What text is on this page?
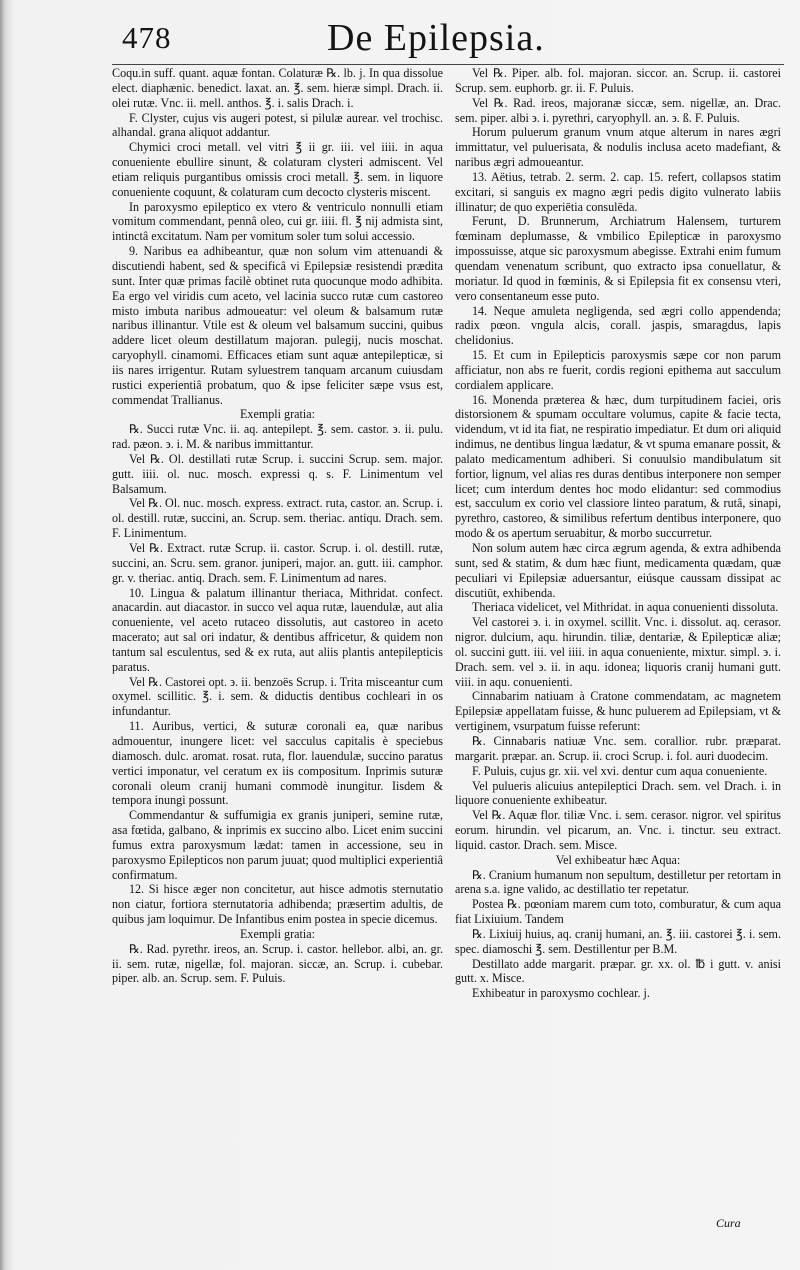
478	De Epilepsia.

Coqu.in suff. quant. aquæ fontan. Colaturæ ℞. lb. j. In qua dissolue elect. diaphænic. benedict. laxat. an. ℥. sem. hieræ simpl. Drach. ii. olei rutæ. Vnc. ii. mell. anthos. ℥. i. salis Drach. i.

F. Clyster, cujus vis augeri potest, si pilulæ aurear. vel trochisc. alhandal. grana aliquot addantur.

Chymici croci metall. vel vitri ℥ ii gr. iii. vel iiii. in aqua conueniente ebullire sinunt, & colaturam clysteri admiscent. Vel etiam reliquis purgantibus omissis croci metall. ℥. sem. in liquore conueniente coquunt, & colaturam cum decocto clysteris miscent.

In paroxysmo epileptico ex vtero & ventriculo nonnulli etiam vomitum commendant, pennâ oleo, cui gr. iiii. fl. ℥ nij admista sint, intinctâ excitatum. Nam per vomitum soler tum solui accessio.

9. Naribus ea adhibeantur, quæ non solum vim attenuandi & discutiendi habent, sed & specificâ vi Epilepsiæ resistendi prædita sunt. Inter quæ primas facilè obtinet ruta quocunque modo adhibita. Ea ergo vel viridis cum aceto, vel lacinia succo rutæ cum castoreo misto imbuta naribus admoueatur: vel oleum & balsamum rutæ naribus illinantur. Vtile est & oleum vel balsamum succini, quibus addere licet oleum destillatum majoran. pulegij, nucis moschat. caryophyll. cinamomi. Efficaces etiam sunt aquæ antepilepticæ, si iis nares irrigentur. Rutam syluestrem tanquam arcanum cuiusdam rustici experientiâ probatum, quo & ipse feliciter sæpe vsus est, commendat Trallianus.

Exempli gratia:

℞. Succi rutæ Vnc. ii. aq. antepilept. ℥. sem. castor. ϶. ii. pulu. rad. pæon. ϶. i. M. & naribus immittantur.

Vel ℞. Ol. destillati rutæ Scrup. i. succini Scrup. sem. major. gutt. iiii. ol. nuc. mosch. expressi q. s. F. Linimentum vel Balsamum.

Vel ℞. Ol. nuc. mosch. express. extract. ruta, castor. an. Scrup. i. ol. destill. rutæ, succini, an. Scrup. sem. theriac. antiqu. Drach. sem. F. Linimentum.

Vel ℞. Extract. rutæ Scrup. ii. castor. Scrup. i. ol. destill. rutæ, succini, an. Scru. sem. granor. juniperi, major. an. gutt. iii. camphor. gr. v. theriac. antiq. Drach. sem. F. Linimentum ad nares.

10. Lingua & palatum illinantur theriaca, Mithridat. confect. anacardin. aut diacastor. in succo vel aqua rutæ, lauendulæ, aut alia conueniente, vel aceto rutaceo dissolutis, aut castoreo in aceto macerato; aut sal ori indatur, & dentibus affricetur, & quidem non tantum sal esculentus, sed & ex ruta, aut aliis plantis antepilepticis paratus.

Vel ℞. Castorei opt. ϶. ii. benzoës Scrup. i. Trita misceantur cum oxymel. scillitic. ℥. i. sem. & diductis dentibus cochleari in os infundantur.

11. Auribus, vertici, & suturæ coronali ea, quæ naribus admouentur, inungere licet: vel sacculus capitalis è speciebus diamosch. dulc. aromat. rosat. ruta, flor. lauendulæ, succino paratus vertici imponatur, vel ceratum ex iis compositum. Inprimis suturæ coronali oleum cranij humani commodè inungitur. Iisdem & tempora inungi possunt.

Commendantur & suffumigia ex granis juniperi, semine rutæ, asa fœtida, galbano, & inprimis ex succino albo. Licet enim succini fumus extra paroxysmum lædat: tamen in accessione, seu in paroxysmo Epilepticos non parum juuat; quod multiplici experientiâ confirmatum.

12. Si hisce æger non concitetur, aut hisce admotis sternutatio non ciatur, fortiora sternutatoria adhibenda; præsertim adultis, de quibus jam loquimur. De Infantibus enim postea in specie dicemus.

Exempli gratia:

℞. Rad. pyrethr. ireos, an. Scrup. i. castor. hellebor. albi, an. gr. ii. sem. rutæ, nigellæ, fol. majoran. siccæ, an. Scrup. i. cubebar. piper. alb. an. Scrup. sem. F. Puluis.

Vel ℞. Piper. alb. fol. majoran. siccor. an. Scrup. ii. castorei Scrup. sem. euphorb. gr. ii. F. Puluis.

Vel ℞. Rad. ireos, majoranæ siccæ, sem. nigellæ, an. Drac. sem. piper. albi ϶. i. pyrethri, caryophyll. an. ϶. ß. F. Puluis.

Horum puluerum granum vnum atque alterum in nares ægri immittatur, vel puluerisata, & nodulis inclusa aceto madefiant, & naribus ægri admoueantur.

13. Aëtius, tetrab. 2. serm. 2. cap. 15. refert, collapsos statim excitari, si sanguis ex magno ægri pedis digito vulnerato labiis illinatur; de quo experiētia consulēda.

Ferunt, D. Brunnerum, Archiatrum Halensem, turturem fœminam deplumasse, & vmbilico Epilepticæ in paroxysmo impossuisse, atque sic paroxysmum abegisse. Extrahi enim fumum quendam venenatum scribunt, quo extracto ipsa conuellatur, & moriatur. Id quod in fœminis, & si Epilepsia fit ex consensu vteri, vero consentaneum esse puto.

14. Neque amuleta negligenda, sed ægri collo appendenda; radix pœon. vngula alcis, corall. jaspis, smaragdus, lapis chelidonius.

15. Et cum in Epilepticis paroxysmis sæpe cor non parum afficiatur, non abs re fuerit, cordis regioni epithema aut sacculum cordialem applicare.

16. Monenda præterea & hæc, dum turpitudinem faciei, oris distorsionem & spumam occultare volumus, capite & facie tecta, videndum, vt id ita fiat, ne respiratio impediatur. Et dum ori aliquid indimus, ne dentibus lingua lædatur, & vt spuma emanare possit, & palato medicamentum adhiberi. Si conuulsio mandibulatum sit fortior, lignum, vel alias res duras dentibus interponere non semper licet; cum interdum dentes hoc modo elidantur: sed commodius est, sacculum ex corio vel classiore linteo paratum, & rutâ, sinapi, pyrethro, castoreo, & similibus refertum dentibus interponere, quo modo & os apertum seruabitur, & morbo succurretur.

Non solum autem hæc circa ægrum agenda, & extra adhibenda sunt, sed & statim, & dum hæc fiunt, medicamenta quædam, quæ peculiari vi Epilepsiæ aduersantur, eiúsque caussam dissipat ac discutiūt, exhibenda.

Theriaca videlicet, vel Mithridat. in aqua conuenienti dissoluta.

Vel castorei ϶. i. in oxymel. scillit. Vnc. i. dissolut. aq. cerasor. nigror. dulcium, aqu. hirundin. tiliæ, dentariæ, & Epilepticæ aliæ; ol. succini gutt. iii. vel iiii. in aqua conueniente, mixtur. simpl. ϶. i. Drach. sem. vel ϶. ii. in aqu. idonea; liquoris cranij humani gutt. viii. in aqu. conuenienti.

Cinnabarim natiuam à Cratone commendatam, ac magnetem Epilepsiæ appellatam fuisse, & hunc puluerem ad Epilepsiam, vt & vertiginem, vsurpatum fuisse referunt:

℞. Cinnabaris natiuæ Vnc. sem. corallior. rubr. præparat. margarit. præpar. an. Scrup. ii. croci Scrup. i. fol. auri duodecim.

F. Puluis, cujus gr. xii. vel xvi. dentur cum aqua conueniente.

Vel pulueris alicuius antepileptici Drach. sem. vel Drach. i. in liquore conueniente exhibeatur.

Vel ℞. Aquæ flor. tiliæ Vnc. i. sem. cerasor. nigror. vel spiritus eorum. hirundin. vel picarum, an. Vnc. i. tinctur. seu extract. liquid. castor. Drach. sem. Misce.

Vel exhibeatur hæc Aqua:

℞. Cranium humanum non sepultum, destilletur per retortam in arena s.a. igne valido, ac destillatio ter repetatur.

Postea ℞. pœoniam marem cum toto, comburatur, & cum aqua fiat Lixiuium. Tandem

℞. Lixiuij huius, aq. cranij humani, an. ℥. iii. castorei ℥. i. sem. spec. diamoschi ℥. sem. Destillentur per B.M.

Destillato adde margarit. præpar. gr. xx. ol. ℔ i gutt. v. anisi gutt. x. Misce.

Exhibeatur in paroxysmo cochlear. j.

Cura
